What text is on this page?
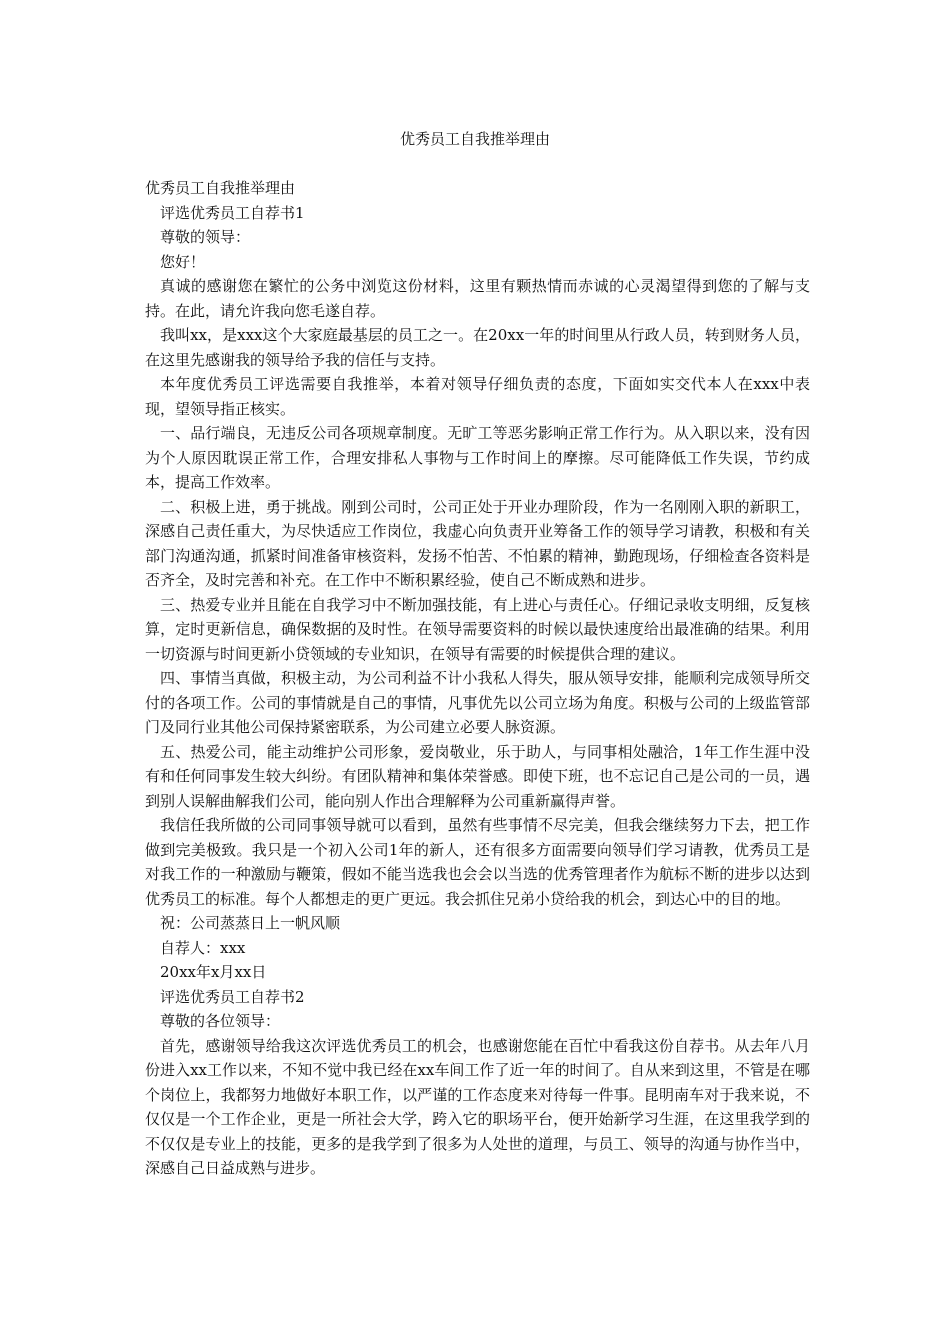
优秀员工自我推举理由

优秀员工自我推举理由

评选优秀员工自荐书1

尊敬的领导：

您好！

真诚的感谢您在繁忙的公务中浏览这份材料，这里有颗热情而赤诚的心灵渴望得到您的了解与支持。在此，请允许我向您毛遂自荐。

我叫xx，是xxx这个大家庭最基层的员工之一。在20xx一年的时间里从行政人员，转到财务人员，在这里先感谢我的领导给予我的信任与支持。

本年度优秀员工评选需要自我推举，本着对领导仔细负责的态度，下面如实交代本人在xxx中表现，望领导指正核实。

一、品行端良，无违反公司各项规章制度。无旷工等恶劣影响正常工作行为。从入职以来，没有因为个人原因耽误正常工作，合理安排私人事物与工作时间上的摩擦。尽可能降低工作失误，节约成本，提高工作效率。

二、积极上进，勇于挑战。刚到公司时，公司正处于开业办理阶段，作为一名刚刚入职的新职工，深感自己责任重大，为尽快适应工作岗位，我虚心向负责开业筹备工作的领导学习请教，积极和有关部门沟通沟通，抓紧时间准备审核资料，发扬不怕苦、不怕累的精神，勤跑现场，仔细检查各资料是否齐全，及时完善和补充。在工作中不断积累经验，使自己不断成熟和进步。

三、热爱专业并且能在自我学习中不断加强技能，有上进心与责任心。仔细记录收支明细，反复核算，定时更新信息，确保数据的及时性。在领导需要资料的时候以最快速度给出最准确的结果。利用一切资源与时间更新小贷领域的专业知识，在领导有需要的时候提供合理的建议。

四、事情当真做，积极主动，为公司利益不计小我私人得失，服从领导安排，能顺利完成领导所交付的各项工作。公司的事情就是自己的事情，凡事优先以公司立场为角度。积极与公司的上级监管部门及同行业其他公司保持紧密联系，为公司建立必要人脉资源。

五、热爱公司，能主动维护公司形象，爱岗敬业，乐于助人，与同事相处融洽，1年工作生涯中没有和任何同事发生较大纠纷。有团队精神和集体荣誉感。即使下班，也不忘记自己是公司的一员，遇到别人误解曲解我们公司，能向别人作出合理解释为公司重新赢得声誉。

我信任我所做的公司同事领导就可以看到，虽然有些事情不尽完美，但我会继续努力下去，把工作做到完美极致。我只是一个初入公司1年的新人，还有很多方面需要向领导们学习请教，优秀员工是对我工作的一种激励与鞭策，假如不能当选我也会会以当选的优秀管理者作为航标不断的进步以达到优秀员工的标准。每个人都想走的更广更远。我会抓住兄弟小贷给我的机会，到达心中的目的地。

祝：公司蒸蒸日上一帆风顺

自荐人：xxx

20xx年x月xx日

评选优秀员工自荐书2

尊敬的各位领导：

首先，感谢领导给我这次评选优秀员工的机会，也感谢您能在百忙中看我这份自荐书。从去年八月份进入xx工作以来，不知不觉中我已经在xx车间工作了近一年的时间了。自从来到这里，不管是在哪个岗位上，我都努力地做好本职工作，以严谨的工作态度来对待每一件事。昆明南车对于我来说，不仅仅是一个工作企业，更是一所社会大学，跨入它的职场平台，便开始新学习生涯，在这里我学到的不仅仅是专业上的技能，更多的是我学到了很多为人处世的道理，与员工、领导的沟通与协作当中，深感自己日益成熟与进步。
